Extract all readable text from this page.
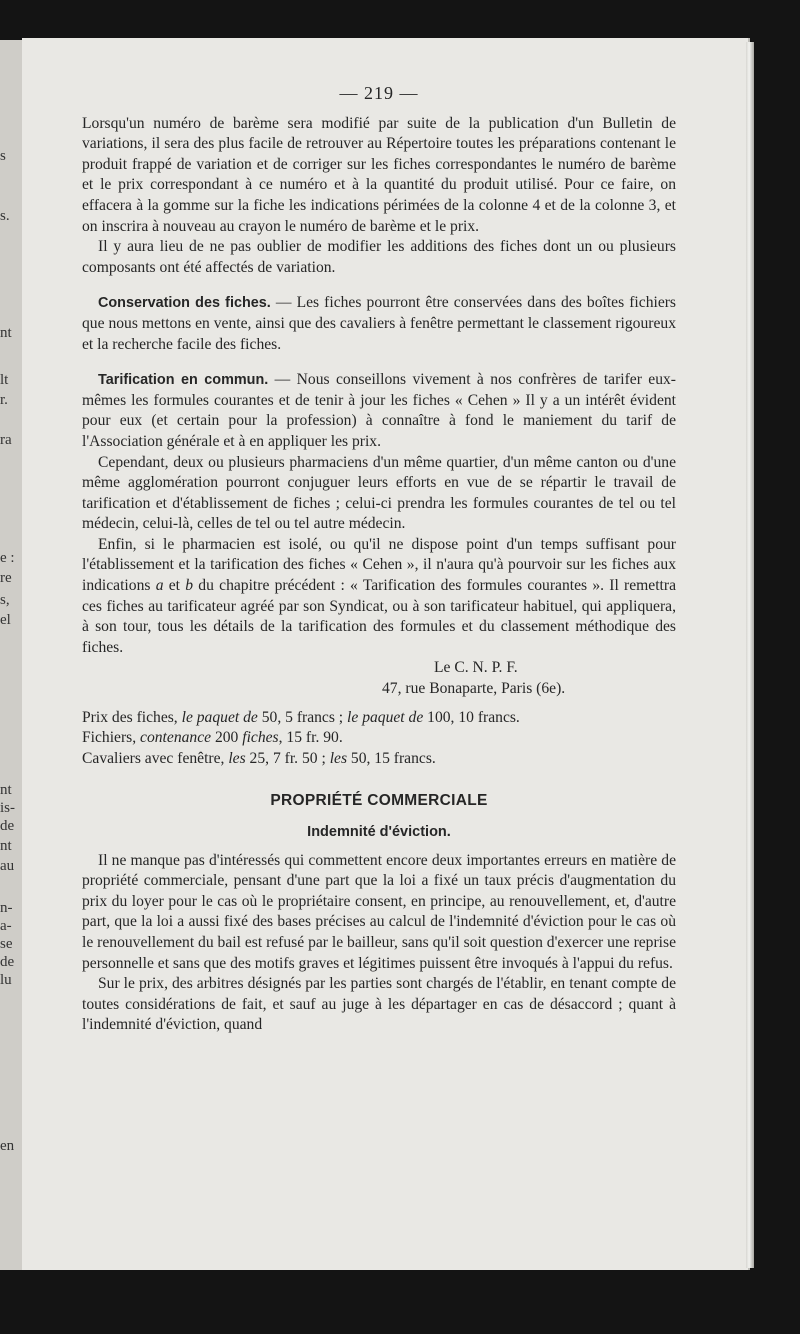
s
s.
nt
lt
r.
ra
e :
re
s,
el
nt
is-
de
nt
au
n-
a-
se
de
lu
en
— 219 —

Lorsqu'un numéro de barème sera modifié par suite de la publication d'un Bulletin de variations, il sera des plus facile de retrouver au Répertoire toutes les préparations contenant le produit frappé de variation et de corriger sur les fiches correspondantes le numéro de barème et le prix correspondant à ce numéro et à la quantité du produit utilisé. Pour ce faire, on effacera à la gomme sur la fiche les indications périmées de la colonne 4 et de la colonne 3, et on inscrira à nouveau au crayon le numéro de barème et le prix.

Il y aura lieu de ne pas oublier de modifier les additions des fiches dont un ou plusieurs composants ont été affectés de variation.

Conservation des fiches. — Les fiches pourront être conservées dans des boîtes fichiers que nous mettons en vente, ainsi que des cavaliers à fenêtre permettant le classement rigoureux et la recherche facile des fiches.

Tarification en commun. — Nous conseillons vivement à nos confrères de tarifer eux-mêmes les formules courantes et de tenir à jour les fiches « Cehen » Il y a un intérêt évident pour eux (et certain pour la profession) à connaître à fond le maniement du tarif de l'Association générale et à en appliquer les prix.

Cependant, deux ou plusieurs pharmaciens d'un même quartier, d'un même canton ou d'une même agglomération pourront conjuguer leurs efforts en vue de se répartir le travail de tarification et d'établissement de fiches ; celui-ci prendra les formules courantes de tel ou tel médecin, celui-là, celles de tel ou tel autre médecin.

Enfin, si le pharmacien est isolé, ou qu'il ne dispose point d'un temps suffisant pour l'établissement et la tarification des fiches « Cehen », il n'aura qu'à pourvoir sur les fiches aux indications a et b du chapitre précédent : « Tarification des formules courantes ». Il remettra ces fiches au tarificateur agréé par son Syndicat, ou à son tarificateur habituel, qui appliquera, à son tour, tous les détails de la tarification des formules et du classement méthodique des fiches.

Le C. N. P. F.

47, rue Bonaparte, Paris (6e).

Prix des fiches, le paquet de 50, 5 francs ; le paquet de 100, 10 francs.

Fichiers, contenance 200 fiches, 15 fr. 90.

Cavaliers avec fenêtre, les 25, 7 fr. 50 ; les 50, 15 francs.

PROPRIÉTÉ COMMERCIALE
Indemnité d'éviction.

Il ne manque pas d'intéressés qui commettent encore deux importantes erreurs en matière de propriété commerciale, pensant d'une part que la loi a fixé un taux précis d'augmentation du prix du loyer pour le cas où le propriétaire consent, en principe, au renouvellement, et, d'autre part, que la loi a aussi fixé des bases précises au calcul de l'indemnité d'éviction pour le cas où le renouvellement du bail est refusé par le bailleur, sans qu'il soit question d'exercer une reprise personnelle et sans que des motifs graves et légitimes puissent être invoqués à l'appui du refus.

Sur le prix, des arbitres désignés par les parties sont chargés de l'établir, en tenant compte de toutes considérations de fait, et sauf au juge à les départager en cas de désaccord ; quant à l'indemnité d'éviction, quand
